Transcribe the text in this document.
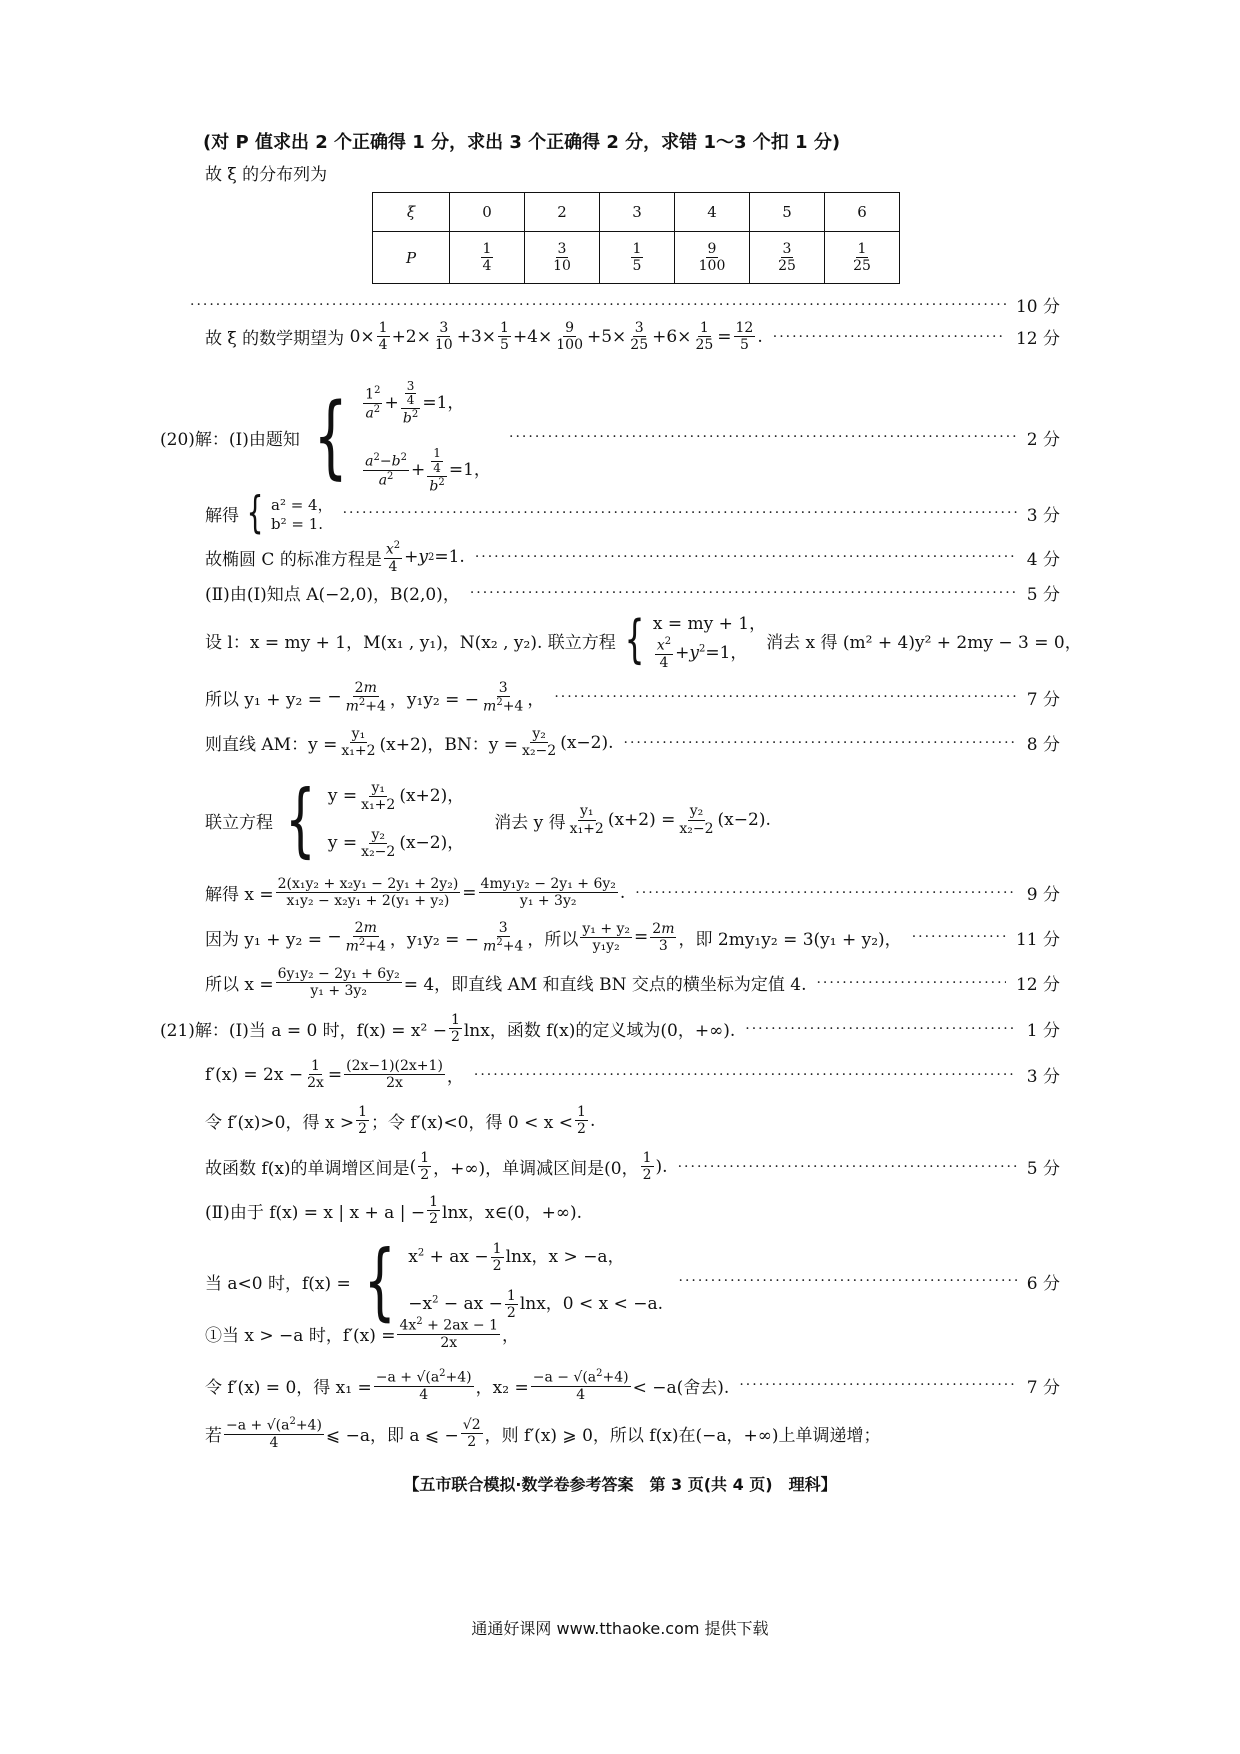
(对 P 值求出 2 个正确得 1 分，求出 3 个正确得 2 分，求错 1～3 个扣 1 分)
故 ξ 的分布列为
ξ	0	2	3	4	5	6
P	$\frac{1}{4}$	$\frac{3}{10}$	$\frac{1}{5}$	$\frac{9}{100}$	$\frac{3}{25}$	$\frac{1}{25}$
·····
10 分
故 ξ 的数学期望为 $0\times \frac{1}{4} +2\times \frac{3}{10} +3\times \frac{1}{5} +4\times \frac{9}{100} +5\times \frac{3}{25} +6\times \frac{1}{25} = \frac{12}{5}$ . ·····	12 分
(20)解：(Ⅰ)由题知 { $\frac{1^2}{a^2} + \frac{\frac{3}{4}}{b^2} =1$，
$\frac{a^2-b^2}{a^2} + \frac{\frac{1}{4}}{b^2} =1$，
·····
2 分
解得 { a² = 4，
b² = 1. ·····	3 分
故椭圆 C 的标准方程是 $\frac{x^2}{4} + y$ 2 =1. ·····	4 分
(Ⅱ)由(Ⅰ)知点 A(−2,0)，B(2,0)， ·····	5 分
设 l：x = my + 1，M(x₁ , y₁)，N(x₂ , y₂). 联立方程 { x = my + 1，
$\frac{x^2}{4} +y^2=1$，
消去 x 得 (m² + 4)y² + 2my − 3 = 0，
所以 y₁ + y₂ = − $\frac{2m}{m^2+4}$ ，y₁y₂ = − $\frac{3}{m^2+4}$ ， ·····	7 分
则直线 AM：$y = \frac{\text{y₁}}{\text{x₁+2}} (x+2)$，BN：$y = \frac{\text{y₂}}{\text{x₂−2}} (x-2)$. ·····	8 分
联立方程 { $y = \frac{\text{y₁}}{\text{x₁+2}} (x+2)$，
$y = \frac{\text{y₂}}{\text{x₂−2}} (x-2)$，
消去 y 得 $\frac{\text{y₁}}{\text{x₁+2}} (x+2) = \frac{\text{y₂}}{\text{x₂−2}} (x-2)$.
解得 $x = \frac{\text{2(x₁y₂ + x₂y₁ − 2y₁ + 2y₂)}}{\text{x₁y₂ − x₂y₁ + 2(y₁ + y₂)}} = \frac{\text{4my₁y₂ − 2y₁ + 6y₂}}{\text{y₁ + 3y₂}}$ . ·····	9 分
因为 y₁ + y₂ = − $\frac{2m}{m^2+4}$ ，y₁y₂ = − $\frac{3}{m^2+4}$ ，所以 $\frac{\text{y₁ + y₂}}{\text{y₁y₂}} = \frac{2m}{3}$ ，即 2my₁y₂ = 3(y₁ + y₂)， ·····	11 分
所以 $x = \frac{\text{6y₁y₂ − 2y₁ + 6y₂}}{\text{y₁ + 3y₂}} = 4$，即直线 AM 和直线 BN 交点的横坐标为定值 4. ·····	12 分
(21)解：(Ⅰ)当 a = 0 时，$f(x) = x^2 - \frac{1}{2}$ lnx，函数 f(x)的定义域为(0，+∞). ·····	1 分
$f'(x) = 2x - \frac{1}{2x} = \frac{(2x-1)(2x+1)}{2x}$ ， ·····	3 分
令 f′(x)>0，得 $x > \frac{1}{2}$ ；令 f′(x)<0，得 $0 < x < \frac{1}{2}$ .
故函数 f(x)的单调增区间是 ( $\frac{1}{2}$ ，+∞) ，单调减区间是 (0， $\frac{1}{2}$ ). ·····	5 分
(Ⅱ)由于 f(x) = x | x + a | − $\frac{1}{2}$ lnx，x∈(0，+∞).
当 a<0 时，f(x) = { $x^2$ + ax − $\frac{1}{2}$ lnx，x > −a，
$-x^2$ − ax − $\frac{1}{2}$ lnx，0 < x < −a.
·····
6 分
①当 x > −a 时，$f'(x) = \frac{4x^2 + 2ax - 1}{2x}$ ，
令 f′(x) = 0，得 $x_1 = \frac{-a + √(a^2+4)}{4}$ ，$x_2 = \frac{-a - √(a^2+4)}{4} < -a$(舍去). ·····	7 分
若 $\frac{-a + √(a^2+4)}{4}$ ⩽ −a，即 a ⩽ − $\frac{√2}{2}$ ，则 f′(x) ⩾ 0，所以 f(x)在(−a，+∞)上单调递增；
【五市联合模拟·数学卷参考答案　第 3 页(共 4 页)　理科】
通通好课网 www.tthaoke.com 提供下载
